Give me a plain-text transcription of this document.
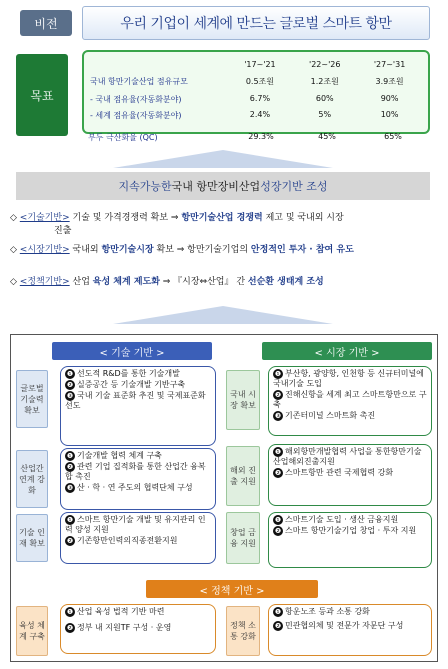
비전	우리 기업이 세계에 만드는 글로벌 스마트 항만
목표
'17~'21	'22~'26	'27~'31
국내 항만기술산업 점유규모	0.5조원	1.2조원	3.9조원
- 국내 점유율(자동화분야)	6.7%	60%	90%
- 세계 점유율(자동화분야)	2.4%	5%	10%
부두 극산화율 (QC)	29.3%	45%	65%
지속가능한 국내 항만장비산업 성장기반 조성
◇ <기술기반> 기술 및 가격경쟁력 확보 ⇒ 항만기술산업 경쟁력 제고 및 국내외 시장
진출
◇ <시장기반> 국내외 항만기술시장 확보 ⇒ 항만기술기업의 안정적인 투자 · 참여 유도
◇ <정책기반> 산업 육성 체계 제도화 ⇒ 『시장⇔산업』 간 선순환 생태계 조성
< 기술 기반 >	< 시장 기반 >
글로벌 기술력 확보

❶ 선도적 R&D를 통한 기술개발

❷ 실증공간 등 기술개발 기반구축

❸ 국내 기술 표준화 추진 및 국제표준화 선도

산업간 연계 강화

❶ 기술개발 협력 체계 구축

❷ 관련 기업 집적화를 통한 산업간 융복합 촉진

❸ 산 · 학 · 연 주도의 협력단체 구성

기술 인재 확보

❶ 스마트 항만기술 개발 및 유지관리 인력 양성 지원

❷ 기존항만인력의직종전환지원

국내 시장 확보

❶ 부산항, 광양항, 인천항 등 신규터미널에 국내기술 도입

❷ 진해신항을 세계 최고 스마트항만으로 구축

❸ 기존터미널 스마트화 촉진

해외 진출 지원

❶ 해외항만개발협력 사업을 통한항만기술산업해외진출지원

❷ 스마트항만 관련 국제협력 강화

창업 금융 지원

❶ 스마트기술 도입 · 생산 금융지원

❷ 스마트 항만기술기업 창업 · 투자 지원

< 정책 기반 >
육성 체계 구축

❶ 산업 육성 법적 기반 마련

❷ 정부 내 지원TF 구성 · 운영	정책 소통 강화

❶ 항운노조 등과 소통 강화

❷ 민관협의체 및 전문가 자문단 구성
